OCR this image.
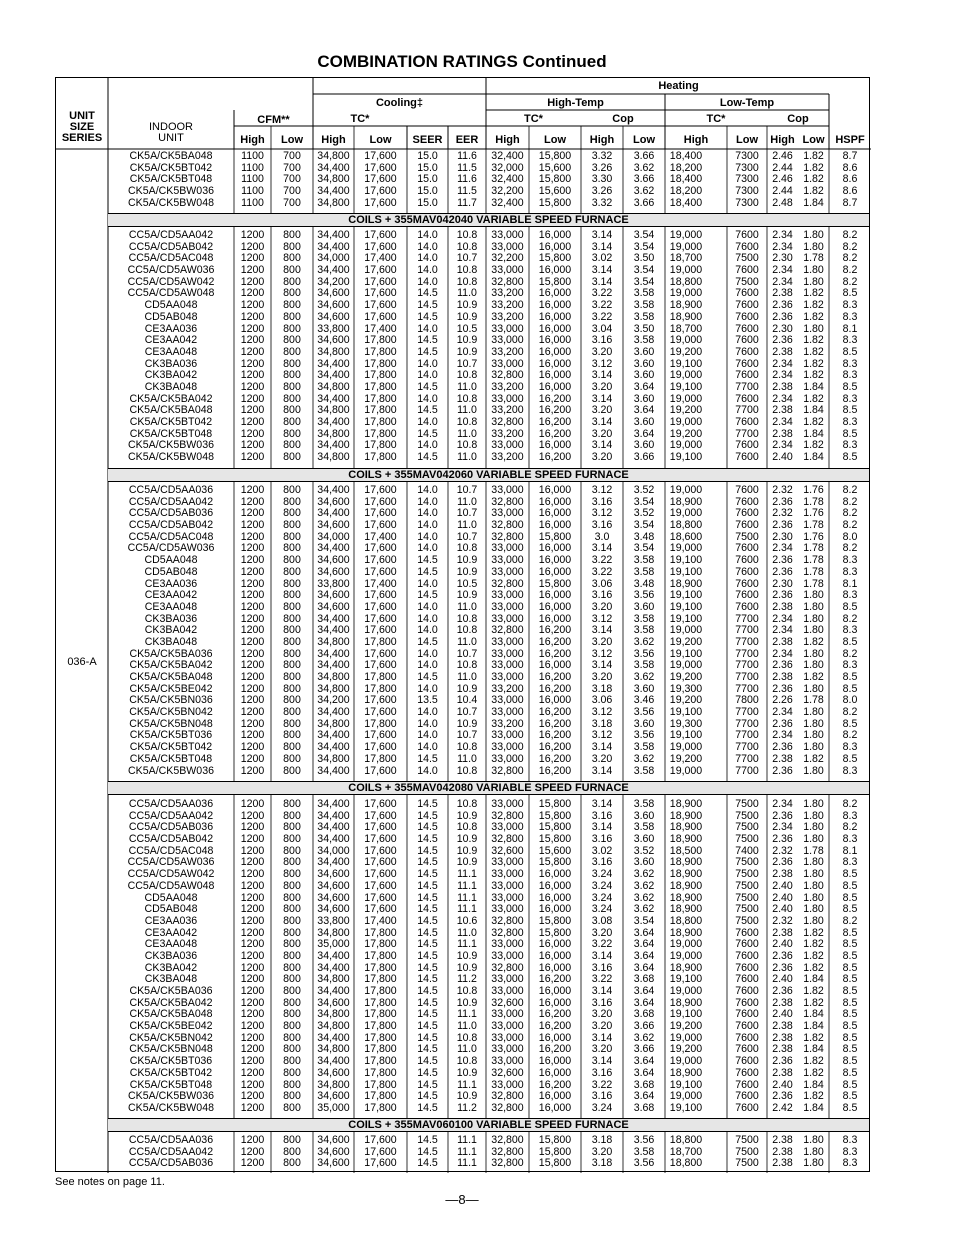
COMBINATION RATINGS Continued
UNIT
SIZE
SERIES
INDOOR
UNIT
Heating
Cooling‡	High-Temp	Low-Temp
CFM**	TC*	TC*	Cop	TC*	Cop
SEER	EER	HSPF
High	Low	High	Low	High	Low	High	Low	High	Low	High Low
036-A
CK5A/CK5BA048	1100	700	34,800	17,600	15.0	11.6	32,400	15,800	3.32	3.66	18,400	7300	2.46 1.82	8.7
CK5A/CK5BT042	1100	700	34,400	17,600	15.0	11.5	32,000	15,600	3.26	3.62	18,200	7300	2.44 1.82	8.6
CK5A/CK5BT048	1100	700	34,800	17,600	15.0	11.6	32,400	15,800	3.30	3.66	18,400	7300	2.46 1.82	8.6
CK5A/CK5BW036	1100	700	34,400	17,600	15.0	11.5	32,200	15,600	3.26	3.62	18,200	7300	2.44 1.82	8.6
CK5A/CK5BW048	1100	700	34,800	17,600	15.0	11.7	32,400	15,800	3.32	3.66	18,400	7300	2.48 1.84	8.7
COILS + 355MAV042040 VARIABLE SPEED FURNACE
CC5A/CD5AA042	1200	800	34,400	17,600	14.0	10.8	33,000	16,000	3.14	3.54	19,000	7600	2.34 1.80	8.2
CC5A/CD5AB042	1200	800	34,400	17,600	14.0	10.8	33,000	16,000	3.14	3.54	19,000	7600	2.34 1.80	8.2
CC5A/CD5AC048	1200	800	34,000	17,400	14.0	10.7	32,200	15,800	3.02	3.50	18,700	7500	2.30 1.78	8.2
CC5A/CD5AW036	1200	800	34,400	17,600	14.0	10.8	33,000	16,000	3.14	3.54	19,000	7600	2.34 1.80	8.2
CC5A/CD5AW042	1200	800	34,200	17,600	14.0	10.8	32,800	15,800	3.14	3.54	18,800	7500	2.34 1.80	8.2
CC5A/CD5AW048	1200	800	34,600	17,600	14.5	11.0	33,200	16,000	3.22	3.58	19,000	7600	2.38 1.82	8.5
CD5AA048	1200	800	34,600	17,600	14.5	10.9	33,200	16,000	3.22	3.58	18,900	7600	2.36 1.82	8.3
CD5AB048	1200	800	34,600	17,600	14.5	10.9	33,200	16,000	3.22	3.58	18,900	7600	2.36 1.82	8.3
CE3AA036	1200	800	33,800	17,400	14.0	10.5	33,000	16,000	3.04	3.50	18,700	7600	2.30 1.80	8.1
CE3AA042	1200	800	34,600	17,800	14.5	10.9	33,000	16,000	3.16	3.58	19,000	7600	2.36 1.82	8.3
CE3AA048	1200	800	34,800	17,800	14.5	10.9	33,200	16,000	3.20	3.60	19,200	7600	2.38 1.82	8.5
CK3BA036	1200	800	34,400	17,800	14.0	10.7	33,000	16,000	3.12	3.60	19,100	7600	2.34 1.82	8.3
CK3BA042	1200	800	34,400	17,800	14.0	10.8	32,800	16,000	3.14	3.60	19,000	7600	2.34 1.82	8.3
CK3BA048	1200	800	34,800	17,800	14.5	11.0	33,200	16,000	3.20	3.64	19,100	7700	2.38 1.84	8.5
CK5A/CK5BA042	1200	800	34,400	17,800	14.0	10.8	33,000	16,200	3.14	3.60	19,000	7600	2.34 1.82	8.3
CK5A/CK5BA048	1200	800	34,800	17,800	14.5	11.0	33,200	16,200	3.20	3.64	19,200	7700	2.38 1.84	8.5
CK5A/CK5BT042	1200	800	34,400	17,800	14.0	10.8	32,800	16,200	3.14	3.60	19,000	7600	2.34 1.82	8.3
CK5A/CK5BT048	1200	800	34,800	17,800	14.5	11.0	33,200	16,200	3.20	3.64	19,200	7700	2.38 1.84	8.5
CK5A/CK5BW036	1200	800	34,400	17,800	14.0	10.8	33,000	16,000	3.14	3.60	19,000	7600	2.34 1.82	8.3
CK5A/CK5BW048	1200	800	34,800	17,800	14.5	11.0	33,200	16,200	3.20	3.66	19,100	7600	2.40 1.84	8.5
COILS + 355MAV042060 VARIABLE SPEED FURNACE
CC5A/CD5AA036	1200	800	34,400	17,600	14.0	10.7	33,000	16,000	3.12	3.52	19,000	7600	2.32 1.76	8.2
CC5A/CD5AA042	1200	800	34,600	17,600	14.0	11.0	32,800	16,000	3.16	3.54	18,900	7600	2.36 1.78	8.2
CC5A/CD5AB036	1200	800	34,400	17,600	14.0	10.7	33,000	16,000	3.12	3.52	19,000	7600	2.32 1.76	8.2
CC5A/CD5AB042	1200	800	34,600	17,600	14.0	11.0	32,800	16,000	3.16	3.54	18,800	7600	2.36 1.78	8.2
CC5A/CD5AC048	1200	800	34,000	17,400	14.0	10.7	32,800	15,800	3.0	3.48	18,600	7500	2.30 1.76	8.0
CC5A/CD5AW036	1200	800	34,400	17,600	14.0	10.8	33,000	16,000	3.14	3.54	19,000	7600	2.34 1.78	8.2
CD5AA048	1200	800	34,600	17,600	14.5	10.9	33,000	16,000	3.22	3.58	19,100	7600	2.36 1.78	8.3
CD5AB048	1200	800	34,600	17,600	14.5	10.9	33,000	16,000	3.22	3.58	19,100	7600	2.36 1.78	8.3
CE3AA036	1200	800	33,800	17,400	14.0	10.5	32,800	15,800	3.06	3.48	18,900	7600	2.30 1.78	8.1
CE3AA042	1200	800	34,600	17,600	14.5	10.9	33,000	16,000	3.16	3.56	19,100	7600	2.36 1.80	8.3
CE3AA048	1200	800	34,600	17,600	14.0	11.0	33,000	16,000	3.20	3.60	19,100	7600	2.38 1.80	8.5
CK3BA036	1200	800	34,400	17,600	14.0	10.8	33,000	16,000	3.12	3.58	19,100	7700	2.34 1.80	8.2
CK3BA042	1200	800	34,400	17,600	14.0	10.8	32,800	16,200	3.14	3.58	19,000	7700	2.34 1.80	8.3
CK3BA048	1200	800	34,800	17,800	14.5	11.0	33,000	16,200	3.20	3.62	19,200	7700	2.38 1.82	8.5
CK5A/CK5BA036	1200	800	34,400	17,600	14.0	10.7	33,000	16,200	3.12	3.56	19,100	7700	2.34 1.80	8.2
CK5A/CK5BA042	1200	800	34,400	17,600	14.0	10.8	33,000	16,000	3.14	3.58	19,000	7700	2.36 1.80	8.3
CK5A/CK5BA048	1200	800	34,800	17,800	14.5	11.0	33,000	16,200	3.20	3.62	19,200	7700	2.38 1.82	8.5
CK5A/CK5BE042	1200	800	34,800	17,800	14.0	10.9	33,200	16,200	3.18	3.60	19,300	7700	2.36 1.80	8.5
CK5A/CK5BN036	1200	800	34,200	17,600	13.5	10.4	33,000	16,000	3.06	3.46	19,200	7800	2.26 1.78	8.0
CK5A/CK5BN042	1200	800	34,400	17,600	14.0	10.7	33,000	16,200	3.12	3.56	19,100	7700	2.34 1.80	8.2
CK5A/CK5BN048	1200	800	34,800	17,800	14.0	10.9	33,200	16,200	3.18	3.60	19,300	7700	2.36 1.80	8.5
CK5A/CK5BT036	1200	800	34,400	17,600	14.0	10.7	33,000	16,200	3.12	3.56	19,100	7700	2.34 1.80	8.2
CK5A/CK5BT042	1200	800	34,400	17,600	14.0	10.8	33,000	16,200	3.14	3.58	19,000	7700	2.36 1.80	8.3
CK5A/CK5BT048	1200	800	34,800	17,800	14.5	11.0	33,000	16,200	3.20	3.62	19,200	7700	2.38 1.82	8.5
CK5A/CK5BW036	1200	800	34,400	17,600	14.0	10.8	32,800	16,200	3.14	3.58	19,000	7700	2.36 1.80	8.3
COILS + 355MAV042080 VARIABLE SPEED FURNACE
CC5A/CD5AA036	1200	800	34,400	17,600	14.5	10.8	33,000	15,800	3.14	3.58	18,900	7500	2.34 1.80	8.2
CC5A/CD5AA042	1200	800	34,400	17,600	14.5	10.9	32,800	15,800	3.16	3.60	18,900	7500	2.36 1.80	8.3
CC5A/CD5AB036	1200	800	34,400	17,600	14.5	10.8	33,000	15,800	3.14	3.58	18,900	7500	2.34 1.80	8.2
CC5A/CD5AB042	1200	800	34,400	17,600	14.5	10.9	32,800	15,800	3.16	3.60	18,900	7500	2.36 1.80	8.3
CC5A/CD5AC048	1200	800	34,000	17,600	14.5	10.9	32,600	15,600	3.02	3.52	18,500	7400	2.32 1.78	8.1
CC5A/CD5AW036	1200	800	34,400	17,600	14.5	10.9	33,000	15,800	3.16	3.60	18,900	7500	2.36 1.80	8.3
CC5A/CD5AW042	1200	800	34,600	17,600	14.5	11.1	33,000	16,000	3.24	3.62	18,900	7500	2.38 1.80	8.5
CC5A/CD5AW048	1200	800	34,600	17,600	14.5	11.1	33,000	16,000	3.24	3.62	18,900	7500	2.40 1.80	8.5
CD5AA048	1200	800	34,600	17,600	14.5	11.1	33,000	16,000	3.24	3.62	18,900	7500	2.40 1.80	8.5
CD5AB048	1200	800	34,600	17,600	14.5	11.1	33,000	16,000	3.24	3.62	18,900	7500	2.40 1.80	8.5
CE3AA036	1200	800	33,800	17,400	14.5	10.6	32,800	15,800	3.08	3.54	18,800	7500	2.32 1.80	8.2
CE3AA042	1200	800	34,800	17,800	14.5	11.0	32,800	15,800	3.20	3.64	18,900	7600	2.38 1.82	8.5
CE3AA048	1200	800	35,000	17,800	14.5	11.1	33,000	16,000	3.22	3.64	19,000	7600	2.40 1.82	8.5
CK3BA036	1200	800	34,400	17,800	14.5	10.9	33,000	16,000	3.14	3.64	19,000	7600	2.36 1.82	8.5
CK3BA042	1200	800	34,400	17,800	14.5	10.9	32,800	16,000	3.16	3.64	18,900	7600	2.36 1.82	8.5
CK3BA048	1200	800	34,800	17,800	14.5	11.2	33,000	16,200	3.22	3.68	19,100	7600	2.40 1.84	8.5
CK5A/CK5BA036	1200	800	34,400	17,800	14.5	10.8	33,000	16,000	3.14	3.64	19,000	7600	2.36 1.82	8.5
CK5A/CK5BA042	1200	800	34,600	17,800	14.5	10.9	32,600	16,000	3.16	3.64	18,900	7600	2.38 1.82	8.5
CK5A/CK5BA048	1200	800	34,800	17,800	14.5	11.1	33,000	16,200	3.20	3.68	19,100	7600	2.40 1.84	8.5
CK5A/CK5BE042	1200	800	34,800	17,800	14.5	11.0	33,000	16,200	3.20	3.66	19,200	7600	2.38 1.84	8.5
CK5A/CK5BN042	1200	800	34,400	17,800	14.5	10.8	33,000	16,000	3.14	3.62	19,000	7600	2.38 1.82	8.5
CK5A/CK5BN048	1200	800	34,800	17,800	14.5	11.0	33,000	16,200	3.20	3.66	19,200	7600	2.38 1.84	8.5
CK5A/CK5BT036	1200	800	34,400	17,800	14.5	10.8	33,000	16,000	3.14	3.64	19,000	7600	2.36 1.82	8.5
CK5A/CK5BT042	1200	800	34,600	17,800	14.5	10.9	32,600	16,000	3.16	3.64	18,900	7600	2.38 1.82	8.5
CK5A/CK5BT048	1200	800	34,800	17,800	14.5	11.1	33,000	16,200	3.22	3.68	19,100	7600	2.40 1.84	8.5
CK5A/CK5BW036	1200	800	34,600	17,800	14.5	10.9	32,800	16,000	3.16	3.64	19,000	7600	2.36 1.82	8.5
CK5A/CK5BW048	1200	800	35,000	17,800	14.5	11.2	32,800	16,000	3.24	3.68	19,100	7600	2.42 1.84	8.5
COILS + 355MAV060100 VARIABLE SPEED FURNACE
CC5A/CD5AA036	1200	800	34,600	17,600	14.5	11.1	32,800	15,800	3.18	3.56	18,800	7500	2.38 1.80	8.3
CC5A/CD5AA042	1200	800	34,600	17,600	14.5	11.1	32,800	15,800	3.20	3.58	18,700	7500	2.38 1.80	8.3
CC5A/CD5AB036	1200	800	34,600	17,600	14.5	11.1	32,800	15,800	3.18	3.56	18,800	7500	2.38 1.80	8.3
See notes on page 11.
—8—
